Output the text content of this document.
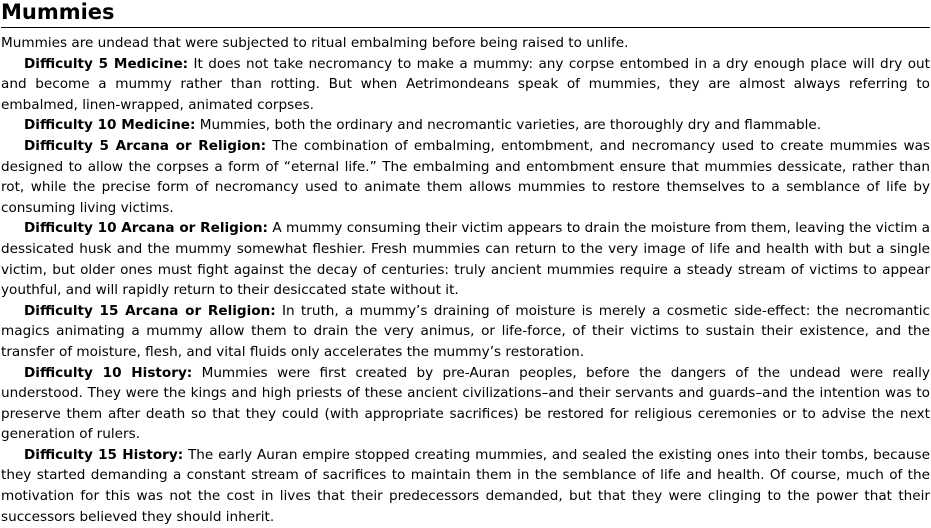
Mummies

Mummies are undead that were subjected to ritual embalming before being raised to unlife.

Difficulty 5 Medicine: It does not take necromancy to make a mummy: any corpse entombed in a dry enough place will dry out and become a mummy rather than rotting. But when Aetrimondeans speak of mummies, they are almost always referring to embalmed, linen-wrapped, animated corpses.

Difficulty 10 Medicine: Mummies, both the ordinary and necromantic varieties, are thoroughly dry and flammable.

Difficulty 5 Arcana or Religion: The combination of embalming, entombment, and necromancy used to create mummies was designed to allow the corpses a form of “eternal life.” The embalming and entombment ensure that mummies dessicate, rather than rot, while the precise form of necromancy used to animate them allows mummies to restore themselves to a semblance of life by consuming living victims.

Difficulty 10 Arcana or Religion: A mummy consuming their victim appears to drain the moisture from them, leaving the victim a dessicated husk and the mummy somewhat fleshier. Fresh mummies can return to the very image of life and health with but a single victim, but older ones must fight against the decay of centuries: truly ancient mummies require a steady stream of victims to appear youthful, and will rapidly return to their desiccated state without it.

Difficulty 15 Arcana or Religion: In truth, a mummy’s draining of moisture is merely a cosmetic side-effect: the necromantic magics animating a mummy allow them to drain the very animus, or life-force, of their victims to sustain their existence, and the transfer of moisture, flesh, and vital fluids only accelerates the mummy’s restoration.

Difficulty 10 History: Mummies were first created by pre-Auran peoples, before the dangers of the undead were really understood. They were the kings and high priests of these ancient civilizations–and their servants and guards–and the intention was to preserve them after death so that they could (with appropriate sacrifices) be restored for religious ceremonies or to advise the next generation of rulers.

Difficulty 15 History: The early Auran empire stopped creating mummies, and sealed the existing ones into their tombs, because they started demanding a constant stream of sacrifices to maintain them in the semblance of life and health. Of course, much of the motivation for this was not the cost in lives that their predecessors demanded, but that they were clinging to the power that their successors believed they should inherit.
